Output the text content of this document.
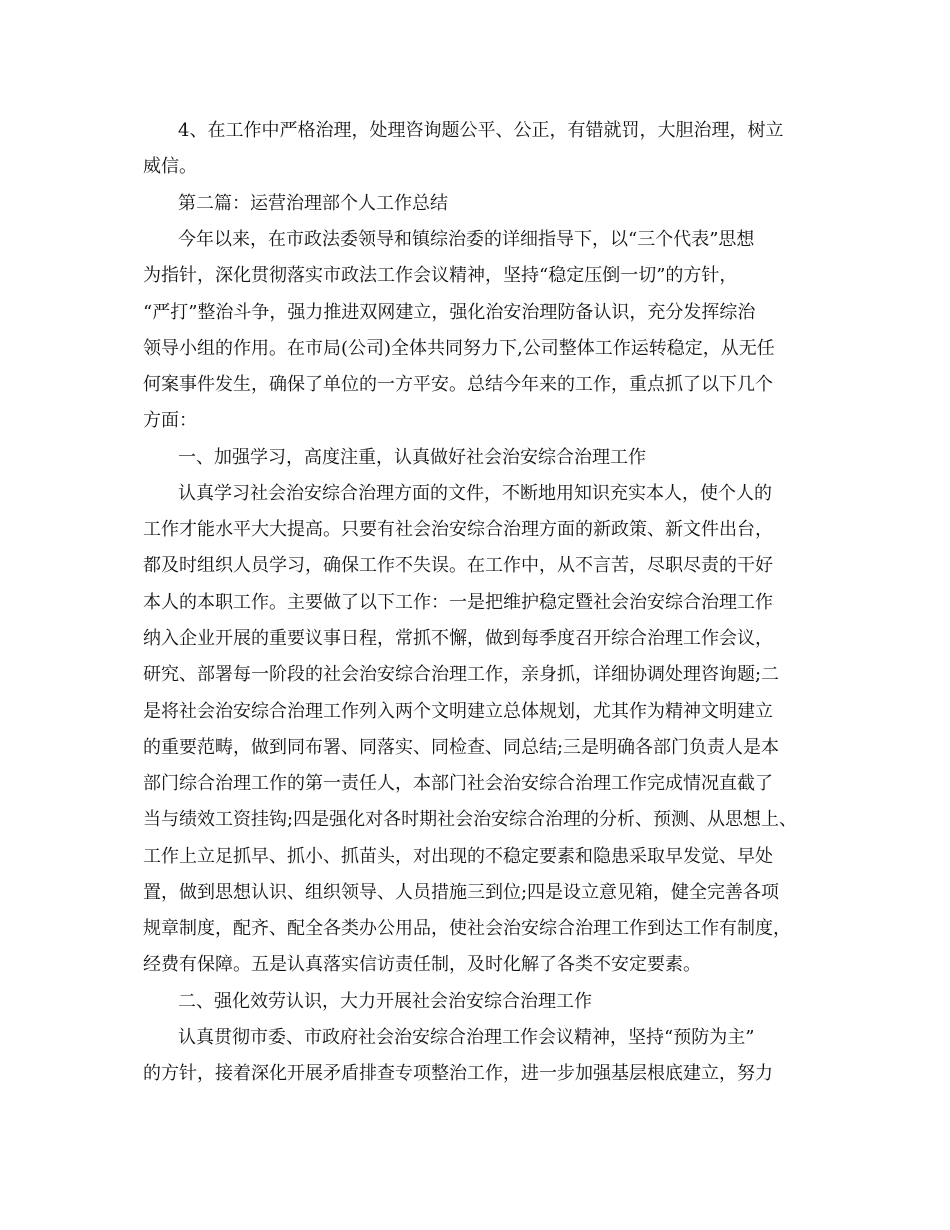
4、在工作中严格治理，处理咨询题公平、公正，有错就罚，大胆治理，树立
威信。
第二篇：运营治理部个人工作总结
今年以来，在市政法委领导和镇综治委的详细指导下，以“三个代表”思想
为指针，深化贯彻落实市政法工作会议精神，坚持“稳定压倒一切”的方针，
“严打”整治斗争，强力推进双网建立，强化治安治理防备认识，充分发挥综治
领导小组的作用。在市局(公司)全体共同努力下,公司整体工作运转稳定，从无任
何案事件发生，确保了单位的一方平安。总结今年来的工作，重点抓了以下几个
方面：
一、加强学习，高度注重，认真做好社会治安综合治理工作
认真学习社会治安综合治理方面的文件，不断地用知识充实本人，使个人的
工作才能水平大大提高。只要有社会治安综合治理方面的新政策、新文件出台，
都及时组织人员学习，确保工作不失误。在工作中，从不言苦，尽职尽责的干好
本人的本职工作。主要做了以下工作：一是把维护稳定暨社会治安综合治理工作
纳入企业开展的重要议事日程，常抓不懈，做到每季度召开综合治理工作会议，
研究、部署每一阶段的社会治安综合治理工作，亲身抓，详细协调处理咨询题;二
是将社会治安综合治理工作列入两个文明建立总体规划，尤其作为精神文明建立
的重要范畴，做到同布署、同落实、同检查、同总结;三是明确各部门负责人是本
部门综合治理工作的第一责任人，本部门社会治安综合治理工作完成情况直截了
当与绩效工资挂钩;四是强化对各时期社会治安综合治理的分析、预测、从思想上、
工作上立足抓早、抓小、抓苗头，对出现的不稳定要素和隐患采取早发觉、早处
置，做到思想认识、组织领导、人员措施三到位;四是设立意见箱，健全完善各项
规章制度，配齐、配全各类办公用品，使社会治安综合治理工作到达工作有制度，
经费有保障。五是认真落实信访责任制，及时化解了各类不安定要素。
二、强化效劳认识，大力开展社会治安综合治理工作
认真贯彻市委、市政府社会治安综合治理工作会议精神，坚持“预防为主”
的方针，接着深化开展矛盾排查专项整治工作，进一步加强基层根底建立，努力
